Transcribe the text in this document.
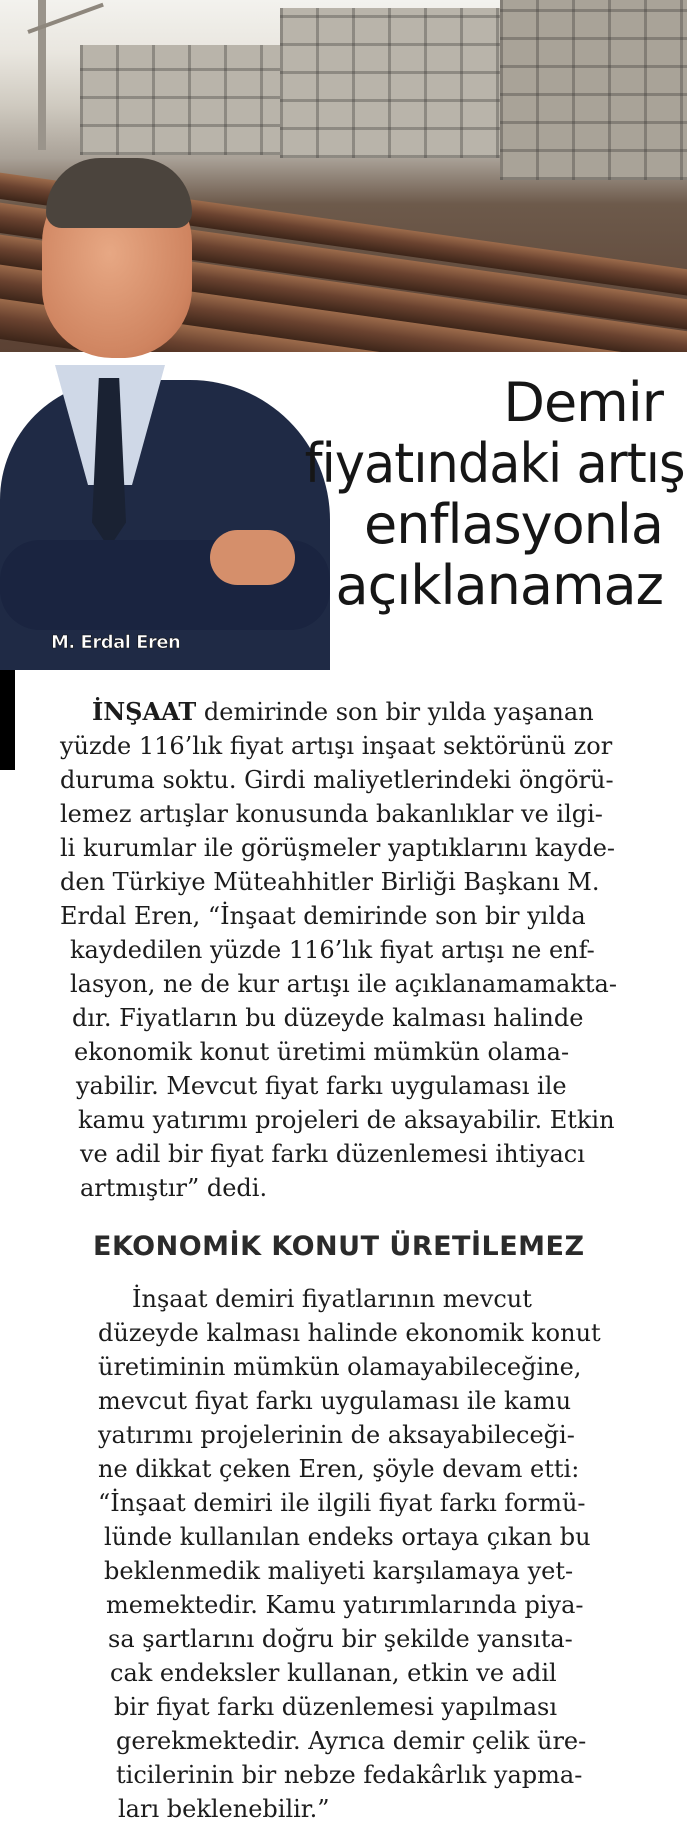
M. Erdal Eren
Demir
fiyatındaki artış
enflasyonla
açıklanamaz
İNŞAAT demirinde son bir yılda yaşanan
yüzde 116’lık fiyat artışı inşaat sektörünü zor
duruma soktu. Girdi maliyetlerindeki öngörü-
lemez artışlar konusunda bakanlıklar ve ilgi-
li kurumlar ile görüşmeler yaptıklarını kayde-
den Türkiye Müteahhitler Birliği Başkanı M.
Erdal Eren, “İnşaat demirinde son bir yılda
kaydedilen yüzde 116’lık fiyat artışı ne enf-
lasyon, ne de kur artışı ile açıklanamamakta-
dır. Fiyatların bu düzeyde kalması halinde
ekonomik konut üretimi mümkün olama-
yabilir. Mevcut fiyat farkı uygulaması ile
kamu yatırımı projeleri de aksayabilir. Etkin
ve adil bir fiyat farkı düzenlemesi ihtiyacı
artmıştır” dedi.
EKONOMİK KONUT ÜRETİLEMEZ
İnşaat demiri fiyatlarının mevcut
düzeyde kalması halinde ekonomik konut
üretiminin mümkün olamayabileceğine,
mevcut fiyat farkı uygulaması ile kamu
yatırımı projelerinin de aksayabileceği-
ne dikkat çeken Eren, şöyle devam etti:
“İnşaat demiri ile ilgili fiyat farkı formü-
lünde kullanılan endeks ortaya çıkan bu
beklenmedik maliyeti karşılamaya yet-
memektedir. Kamu yatırımlarında piya-
sa şartlarını doğru bir şekilde yansıta-
cak endeksler kullanan, etkin ve adil
bir fiyat farkı düzenlemesi yapılması
gerekmektedir. Ayrıca demir çelik üre-
ticilerinin bir nebze fedakârlık yapma-
ları beklenebilir.”
